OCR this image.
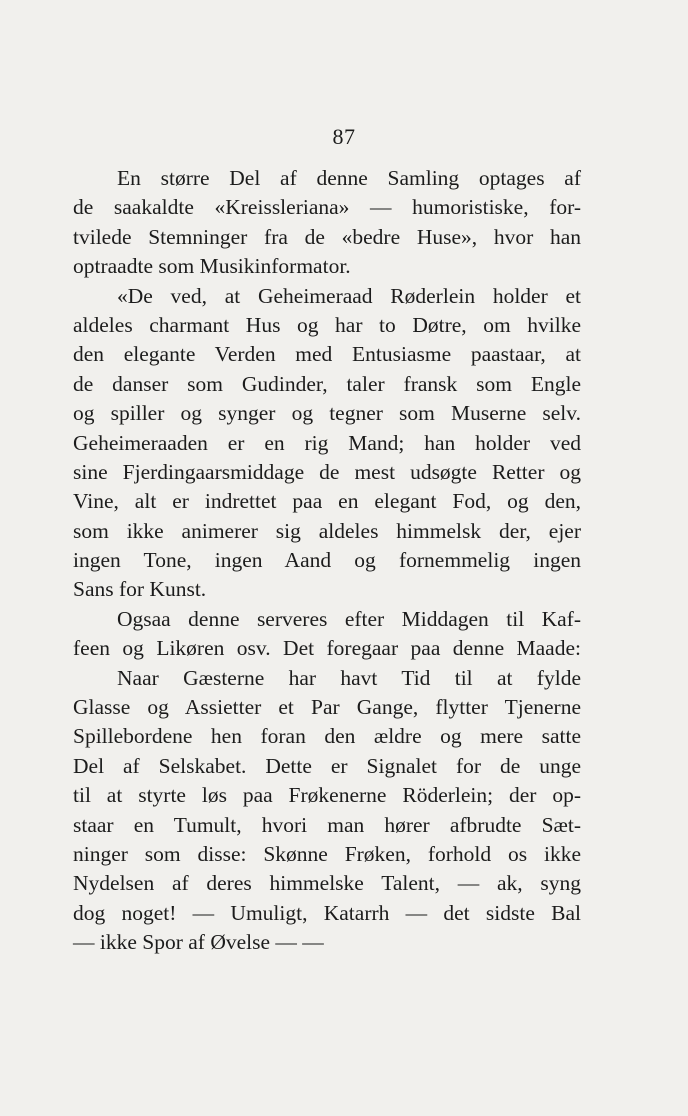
87
En større Del af denne Samling optages af
de saakaldte «Kreissleriana» — humoristiske, for-
tvilede Stemninger fra de «bedre Huse», hvor han
optraadte som Musikinformator.
«De ved, at Geheimeraad Røderlein holder et
aldeles charmant Hus og har to Døtre, om hvilke
den elegante Verden med Entusiasme paastaar, at
de danser som Gudinder, taler fransk som Engle
og spiller og synger og tegner som Muserne selv.
Geheimeraaden er en rig Mand; han holder ved
sine Fjerdingaarsmiddage de mest udsøgte Retter og
Vine, alt er indrettet paa en elegant Fod, og den,
som ikke animerer sig aldeles himmelsk der, ejer
ingen Tone, ingen Aand og fornemmelig ingen
Sans for Kunst.
Ogsaa denne serveres efter Middagen til Kaf-
feen og Likøren osv. Det foregaar paa denne Maade:
Naar Gæsterne har havt Tid til at fylde
Glasse og Assietter et Par Gange, flytter Tjenerne
Spillebordene hen foran den ældre og mere satte
Del af Selskabet. Dette er Signalet for de unge
til at styrte løs paa Frøkenerne Röderlein; der op-
staar en Tumult, hvori man hører afbrudte Sæt-
ninger som disse: Skønne Frøken, forhold os ikke
Nydelsen af deres himmelske Talent, — ak, syng
dog noget! — Umuligt, Katarrh — det sidste Bal
— ikke Spor af Øvelse — —
